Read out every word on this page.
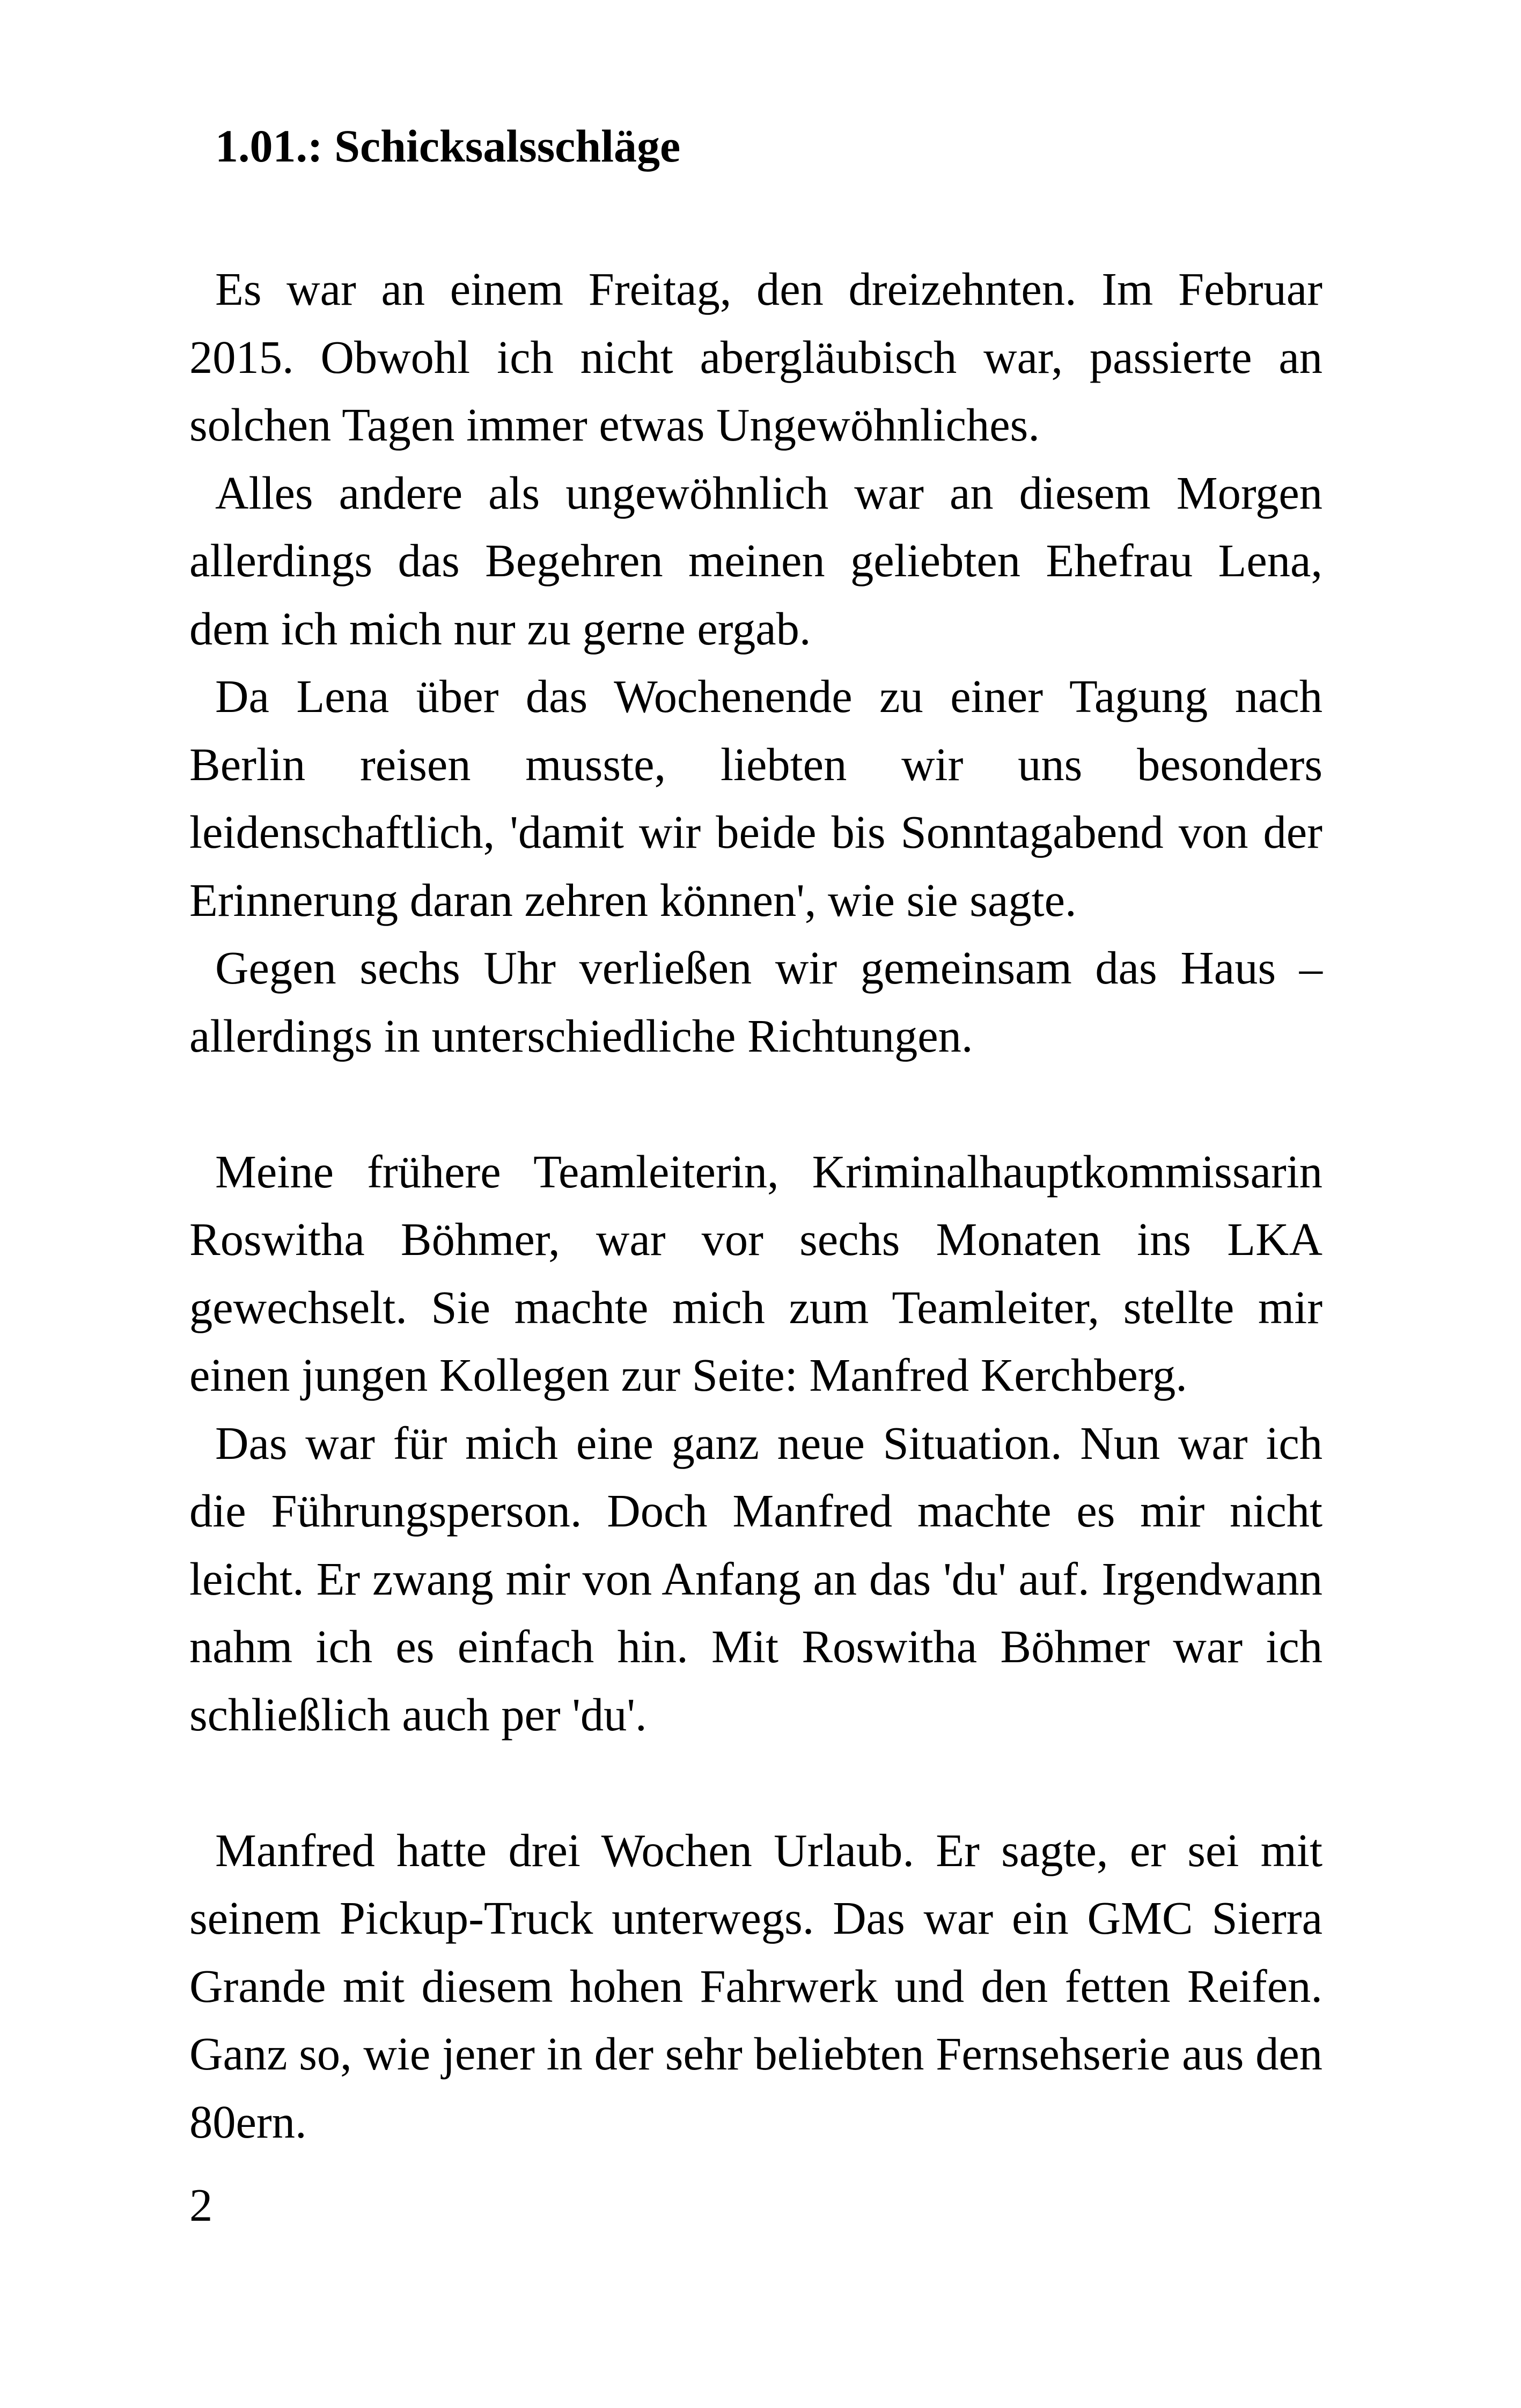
1.01.: Schicksalsschläge

Es war an einem Freitag, den dreizehnten. Im Februar 2015. Obwohl ich nicht abergläubisch war, passierte an solchen Tagen immer etwas Ungewöhnliches.

Alles andere als ungewöhnlich war an diesem Morgen allerdings das Begehren meinen geliebten Ehefrau Lena, dem ich mich nur zu gerne ergab.

Da Lena über das Wochenende zu einer Tagung nach Berlin reisen musste, liebten wir uns besonders leidenschaftlich, 'damit wir beide bis Sonntagabend von der Erinnerung daran zehren können', wie sie sagte.

Gegen sechs Uhr verließen wir gemeinsam das Haus – allerdings in unterschiedliche Richtungen.

Meine frühere Teamleiterin, Kriminalhauptkommissarin Roswitha Böhmer, war vor sechs Monaten ins LKA gewechselt. Sie machte mich zum Teamleiter, stellte mir einen jungen Kollegen zur Seite: Manfred Kerchberg.

Das war für mich eine ganz neue Situation. Nun war ich die Führungsperson. Doch Manfred machte es mir nicht leicht. Er zwang mir von Anfang an das 'du' auf. Irgendwann nahm ich es einfach hin. Mit Roswitha Böhmer war ich schließlich auch per 'du'.

Manfred hatte drei Wochen Urlaub. Er sagte, er sei mit seinem Pickup-Truck unterwegs. Das war ein GMC Sierra Grande mit diesem hohen Fahrwerk und den fetten Reifen. Ganz so, wie jener in der sehr beliebten Fernsehserie aus den 80ern.

2
